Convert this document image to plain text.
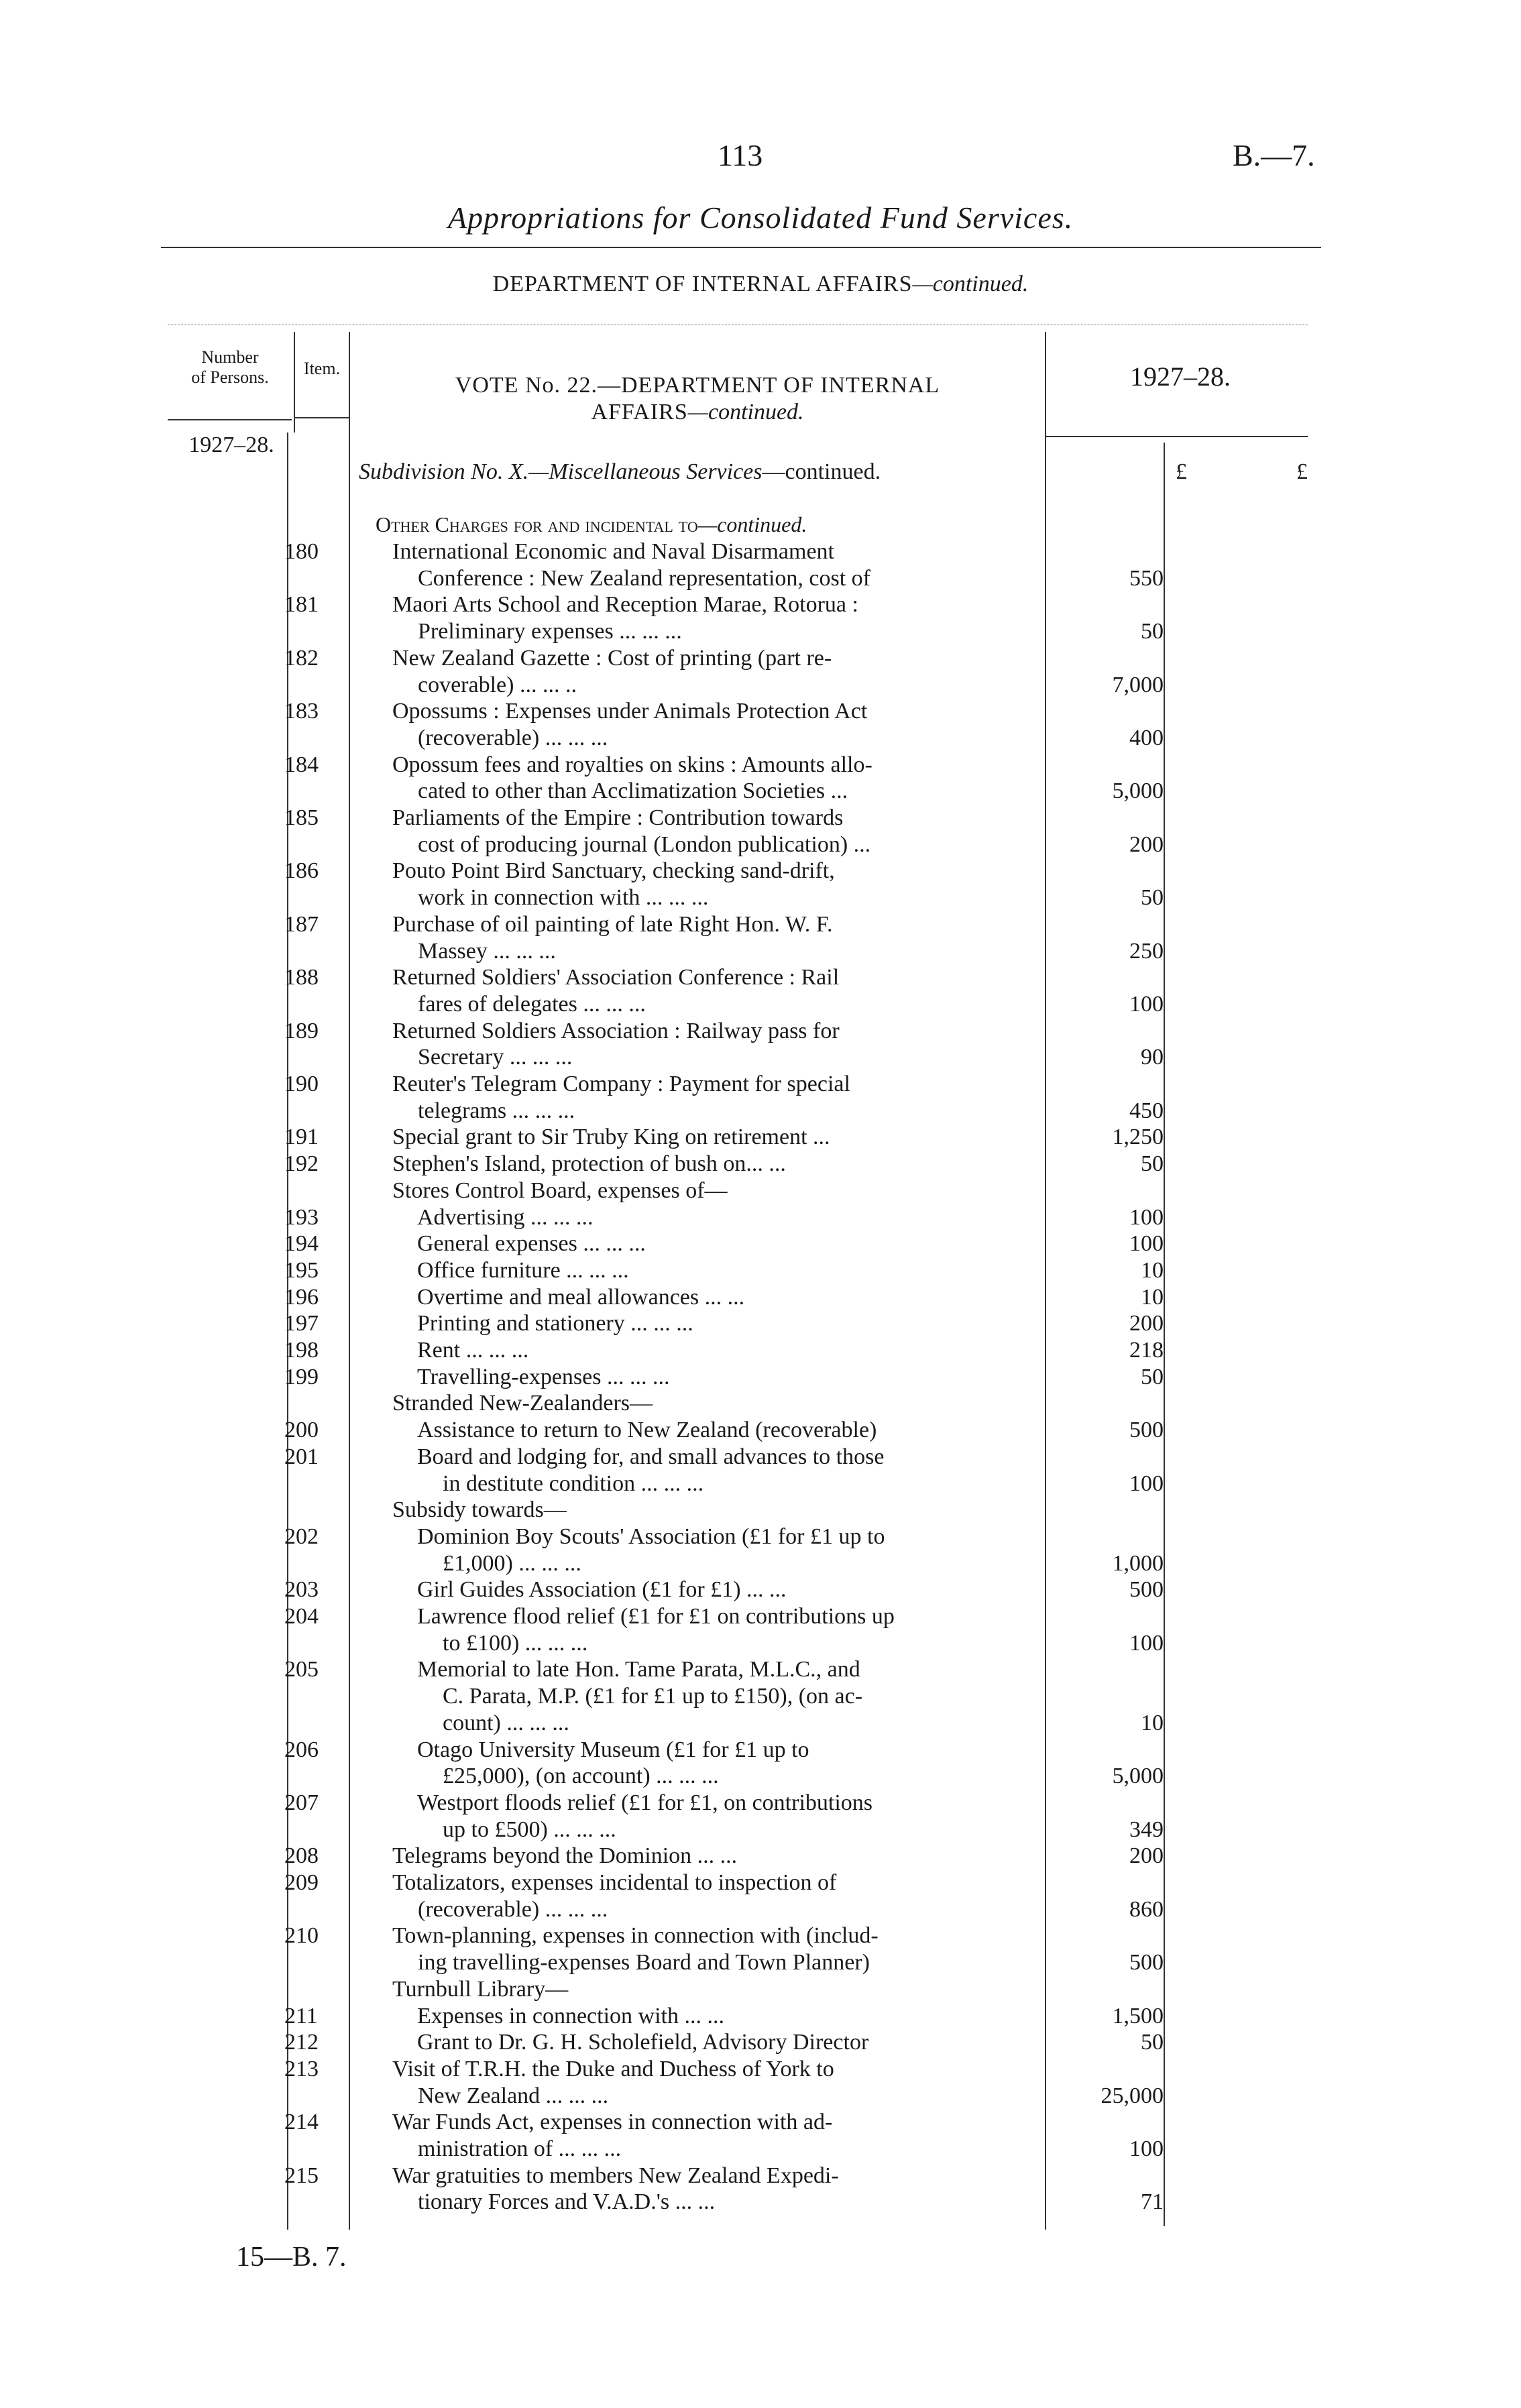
113	B.—7.
Appropriations for Consolidated Fund Services.
DEPARTMENT OF INTERNAL AFFAIRS—continued.
Number
of Persons.	Item.
VOTE No. 22.—DEPARTMENT OF INTERNAL
AFFAIRS—continued.
1927–28.
1927–28.
Subdivision No. X.—Miscellaneous Services—continued.	£	£
Other Charges for and incidental to—continued.
180	International Economic and Naval Disarmament
Conference : New Zealand representation, cost of	550
181	Maori Arts School and Reception Marae, Rotorua :
Preliminary expenses ... ... ...	50
182	New Zealand Gazette : Cost of printing (part re-
coverable) ... ... ..	7,000
183	Opossums : Expenses under Animals Protection Act
(recoverable) ... ... ...	400
184	Opossum fees and royalties on skins : Amounts allo-
cated to other than Acclimatization Societies ...	5,000
185	Parliaments of the Empire : Contribution towards
cost of producing journal (London publication) ...	200
186	Pouto Point Bird Sanctuary, checking sand-drift,
work in connection with ... ... ...	50
187	Purchase of oil painting of late Right Hon. W. F.
Massey ... ... ...	250
188	Returned Soldiers' Association Conference : Rail
fares of delegates ... ... ...	100
189	Returned Soldiers Association : Railway pass for
Secretary ... ... ...	90
190	Reuter's Telegram Company : Payment for special
telegrams ... ... ...	450
191	Special grant to Sir Truby King on retirement ...	1,250
192	Stephen's Island, protection of bush on... ...	50
Stores Control Board, expenses of—
193	Advertising ... ... ...	100
194	General expenses ... ... ...	100
195	Office furniture ... ... ...	10
196	Overtime and meal allowances ... ...	10
197	Printing and stationery ... ... ...	200
198	Rent ... ... ...	218
199	Travelling-expenses ... ... ...	50
Stranded New-Zealanders—
200	Assistance to return to New Zealand (recoverable)	500
201	Board and lodging for, and small advances to those
in destitute condition ... ... ...	100
Subsidy towards—
202	Dominion Boy Scouts' Association (£1 for £1 up to
£1,000) ... ... ...	1,000
203	Girl Guides Association (£1 for £1) ... ...	500
204	Lawrence flood relief (£1 for £1 on contributions up
to £100) ... ... ...	100
205	Memorial to late Hon. Tame Parata, M.L.C., and
C. Parata, M.P. (£1 for £1 up to £150), (on ac-
count) ... ... ...	10
206	Otago University Museum (£1 for £1 up to
£25,000), (on account) ... ... ...	5,000
207	Westport floods relief (£1 for £1, on contributions
up to £500) ... ... ...	349
208	Telegrams beyond the Dominion ... ...	200
209	Totalizators, expenses incidental to inspection of
(recoverable) ... ... ...	860
210	Town-planning, expenses in connection with (includ-
ing travelling-expenses Board and Town Planner)	500
Turnbull Library—
211	Expenses in connection with ... ...	1,500
212	Grant to Dr. G. H. Scholefield, Advisory Director	50
213	Visit of T.R.H. the Duke and Duchess of York to
New Zealand ... ... ...	25,000
214	War Funds Act, expenses in connection with ad-
ministration of ... ... ...	100
215	War gratuities to members New Zealand Expedi-
tionary Forces and V.A.D.'s ... ...	71
15—B. 7.
